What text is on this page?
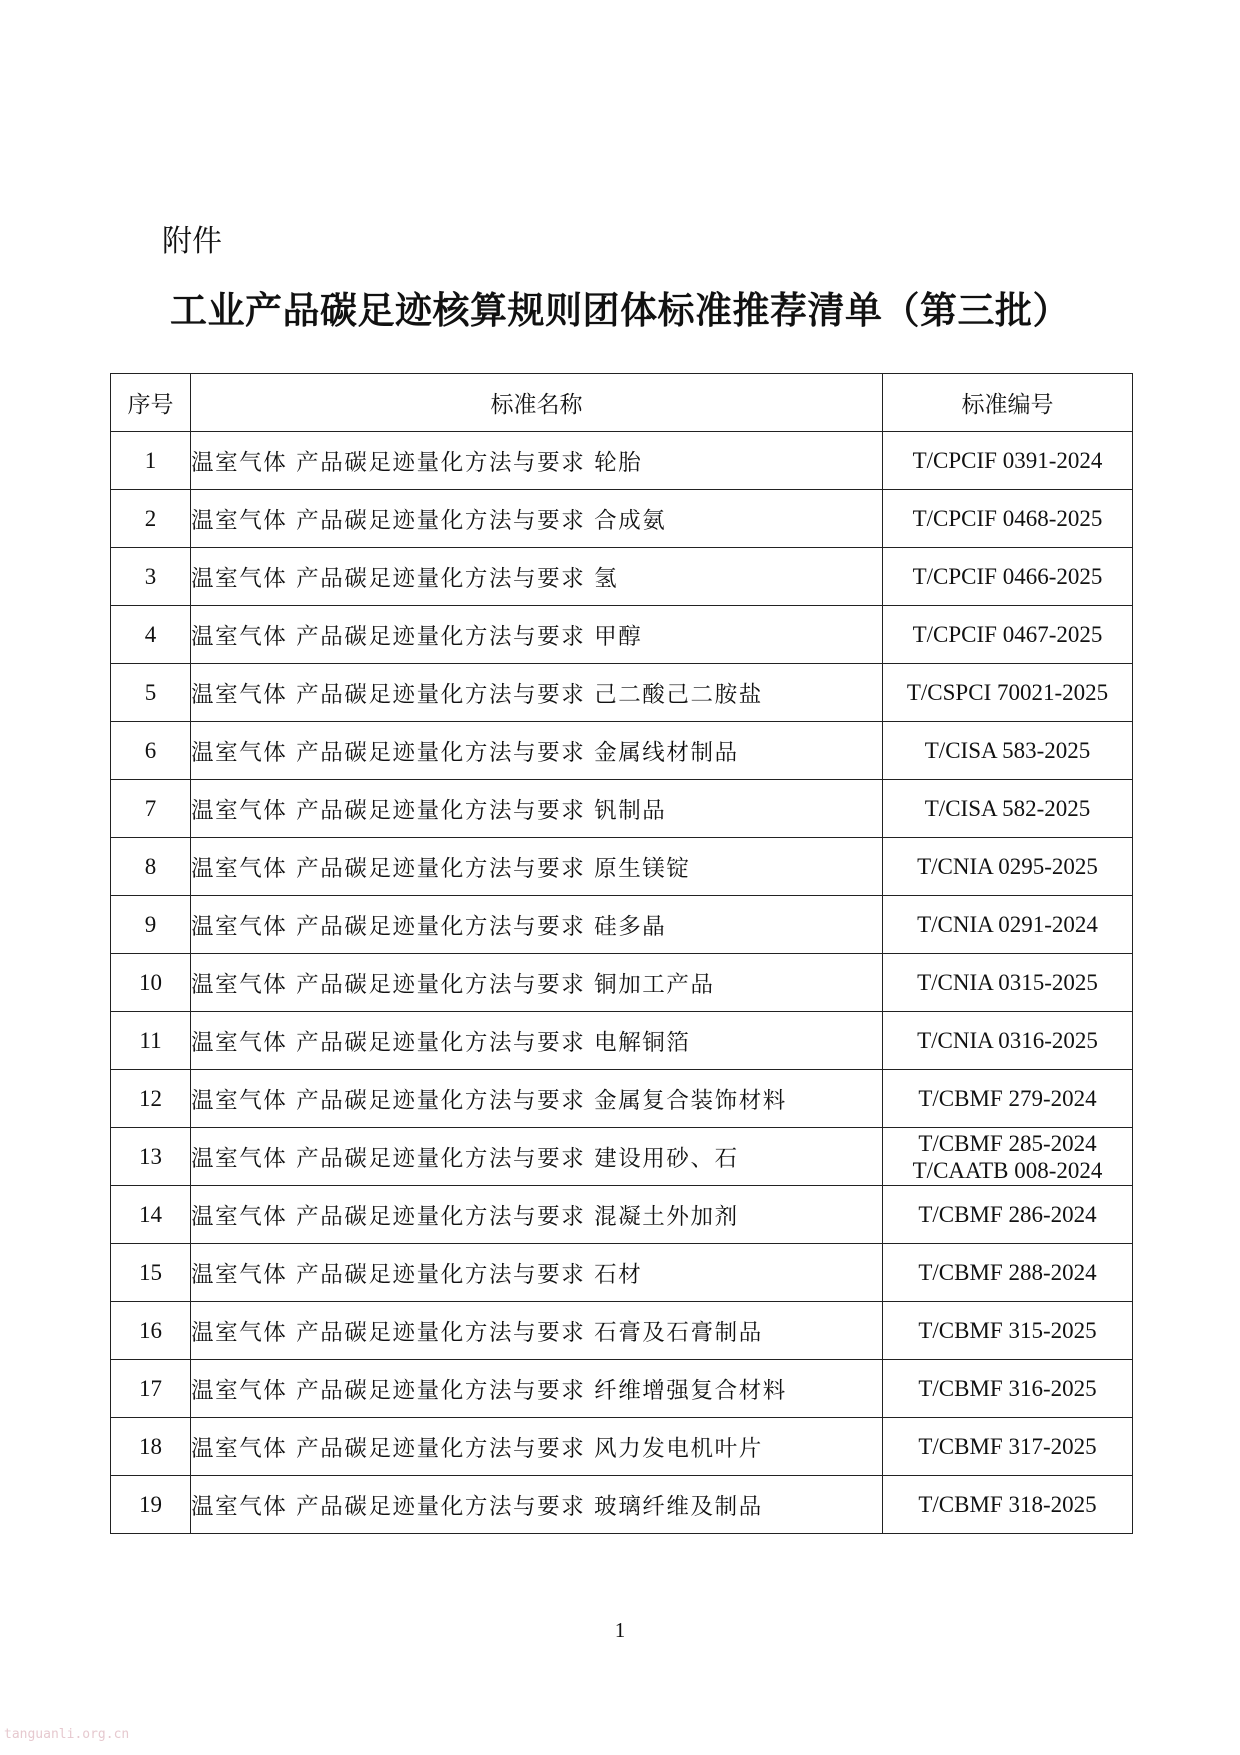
附件
工业产品碳足迹核算规则团体标准推荐清单（第三批）
序号	标准名称	标准编号
1	温室气体 产品碳足迹量化方法与要求 轮胎	T/CPCIF 0391-2024

2	温室气体 产品碳足迹量化方法与要求 合成氨	T/CPCIF 0468-2025

3	温室气体 产品碳足迹量化方法与要求 氢	T/CPCIF 0466-2025

4	温室气体 产品碳足迹量化方法与要求 甲醇	T/CPCIF 0467-2025

5	温室气体 产品碳足迹量化方法与要求 己二酸己二胺盐	T/CSPCI 70021-2025

6	温室气体 产品碳足迹量化方法与要求 金属线材制品	T/CISA 583-2025

7	温室气体 产品碳足迹量化方法与要求 钒制品	T/CISA 582-2025

8	温室气体 产品碳足迹量化方法与要求 原生镁锭	T/CNIA 0295-2025

9	温室气体 产品碳足迹量化方法与要求 硅多晶	T/CNIA 0291-2024

10	温室气体 产品碳足迹量化方法与要求 铜加工产品	T/CNIA 0315-2025

11	温室气体 产品碳足迹量化方法与要求 电解铜箔	T/CNIA 0316-2025

12	温室气体 产品碳足迹量化方法与要求 金属复合装饰材料	T/CBMF 279-2024

13	温室气体 产品碳足迹量化方法与要求 建设用砂、石	T/CBMF 285-2024
T/CAATB 008-2024

14	温室气体 产品碳足迹量化方法与要求 混凝土外加剂	T/CBMF 286-2024

15	温室气体 产品碳足迹量化方法与要求 石材	T/CBMF 288-2024

16	温室气体 产品碳足迹量化方法与要求 石膏及石膏制品	T/CBMF 315-2025

17	温室气体 产品碳足迹量化方法与要求 纤维增强复合材料	T/CBMF 316-2025

18	温室气体 产品碳足迹量化方法与要求 风力发电机叶片	T/CBMF 317-2025

19	温室气体 产品碳足迹量化方法与要求 玻璃纤维及制品	T/CBMF 318-2025
1
tanguanli.org.cn
